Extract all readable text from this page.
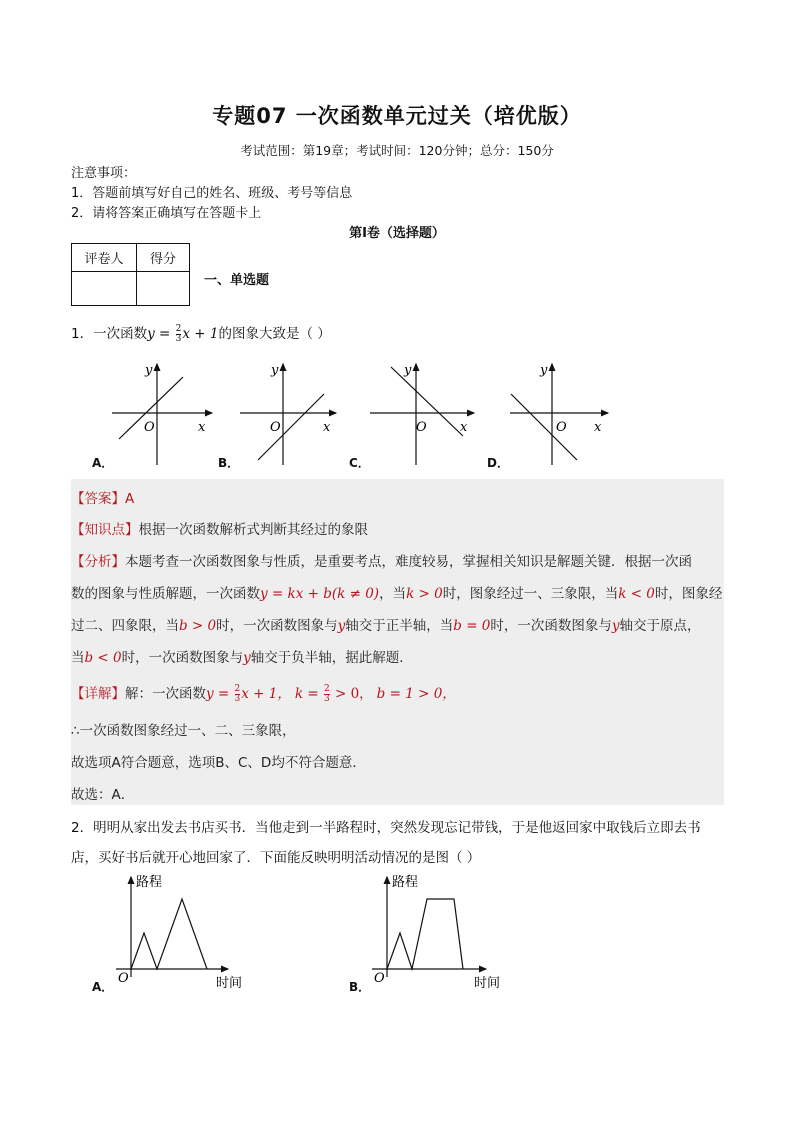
专题07 一次函数单元过关（培优版）
考试范围：第19章；考试时间：120分钟；总分：150分
注意事项：
1．答题前填写好自己的姓名、班级、考号等信息
2．请将答案正确填写在答题卡上
第I卷（选择题）
评卷人	得分

一、单选题
1．一次函数$y = \frac{2}{3}$ x + 1的图象大致是（ ）
y
x
O
y
x
O
y
x
O
y
x
O
A．	B．	C．	D．
【答案】A
【知识点】根据一次函数解析式判断其经过的象限
【分析】本题考查一次函数图象与性质，是重要考点，难度较易，掌握相关知识是解题关键．根据一次函
数的图象与性质解题，一次函数y = kx + b(k ≠ 0)，当k > 0时，图象经过一、三象限，当k < 0时，图象经
过二、四象限，当b > 0时，一次函数图象与y轴交于正半轴，当b = 0时，一次函数图象与y轴交于原点，
当b < 0时，一次函数图象与y轴交于负半轴，据此解题．
【详解】解：一次函数$y = \frac{2}{3}$ x + 1， $k = \frac{2}{3} > 0$， b = 1 > 0，
∴一次函数图象经过一、二、三象限，
故选项A符合题意，选项B、C、D均不符合题意．
故选：A．
2．明明从家出发去书店买书．当他走到一半路程时，突然发现忘记带钱，于是他返回家中取钱后立即去书
店，买好书后就开心地回家了．下面能反映明明活动情况的是图（ ）
路程
时间
O
路程
时间
O
A．	B．
